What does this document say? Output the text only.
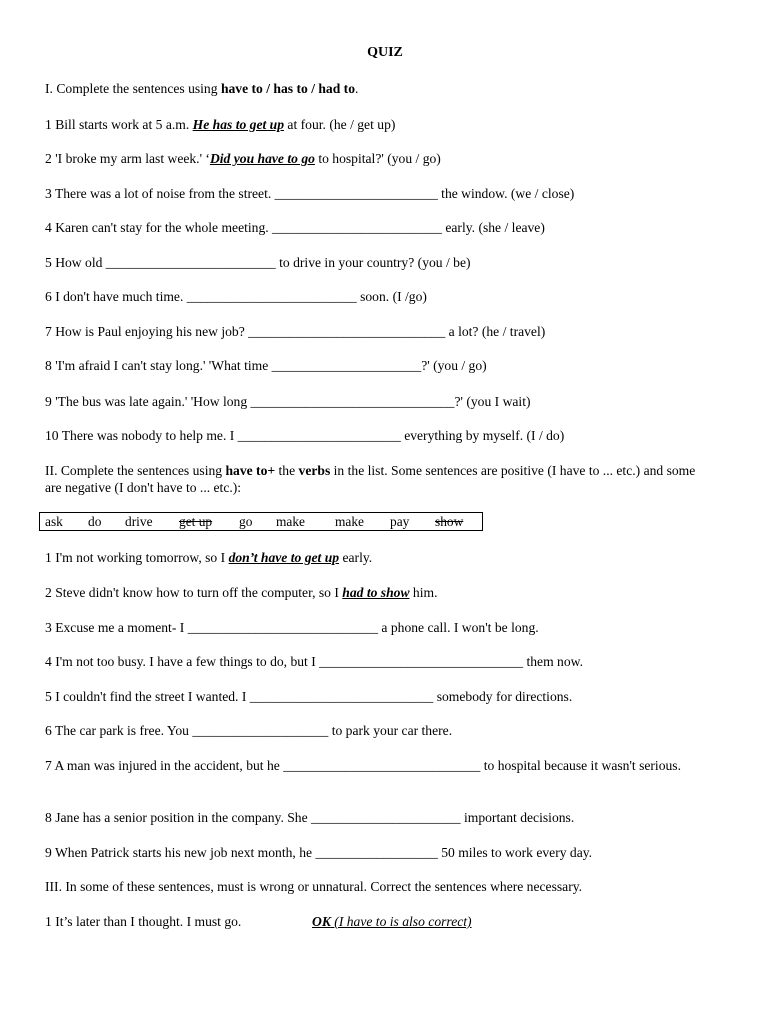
QUIZ
I. Complete the sentences using have to / has to / had to.
1 Bill starts work at 5 a.m. He has to get up at four. (he / get up)
2 'I broke my arm last week.' ‘Did you have to go to hospital?' (you / go)
3 There was a lot of noise from the street. ________________________ the window. (we / close)
4 Karen can't stay for the whole meeting. _________________________ early. (she / leave)
5 How old _________________________ to drive in your country? (you / be)
6 I don't have much time. _________________________ soon. (I /go)
7 How is Paul enjoying his new job? _____________________________ a lot? (he / travel)
8 'I'm afraid I can't stay long.' 'What time ______________________?' (you / go)
9 'The bus was late again.' 'How long ______________________________?' (you I wait)
10 There was nobody to help me. I ________________________ everything by myself. (I / do)
II. Complete the sentences using have to+ the verbs in the list. Some sentences are positive (I have to ... etc.) and some are negative (I don't have to ... etc.):
ask do drive get up go make make pay show
1 I'm not working tomorrow, so I don’t have to get up early.
2 Steve didn't know how to turn off the computer, so I had to show him.
3 Excuse me a moment- I ____________________________ a phone call. I won't be long.
4 I'm not too busy. I have a few things to do, but I ______________________________ them now.
5 I couldn't find the street I wanted. I ___________________________ somebody for directions.
6 The car park is free. You ____________________ to park your car there.
7 A man was injured in the accident, but he _____________________________ to hospital because it wasn't serious.
8 Jane has a senior position in the company. She ______________________ important decisions.
9 When Patrick starts his new job next month, he __________________ 50 miles to work every day.
III. In some of these sentences, must is wrong or unnatural. Correct the sentences where necessary.
1 It’s later than I thought. I must go.	OK (I have to is also correct)
